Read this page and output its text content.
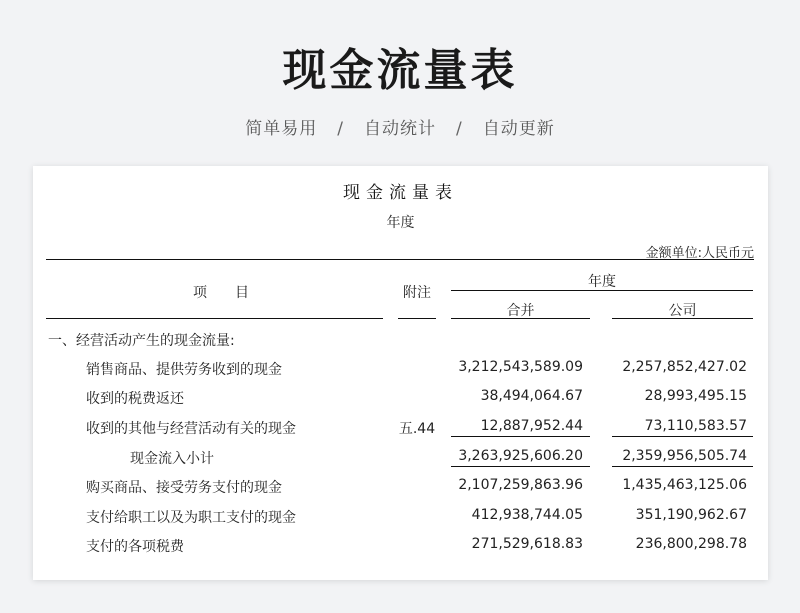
现金流量表
简单易用 / 自动统计 / 自动更新
现金流量表
年度
金额单位:人民币元
项　　目	附注
年度
合并	公司
一、经营活动产生的现金流量:
销售商品、提供劳务收到的现金	3,212,543,589.09	2,257,852,427.02
收到的税费返还	38,494,064.67	28,993,495.15
收到的其他与经营活动有关的现金	五.44	12,887,952.44	73,110,583.57
现金流入小计	3,263,925,606.20	2,359,956,505.74
购买商品、接受劳务支付的现金	2,107,259,863.96	1,435,463,125.06
支付给职工以及为职工支付的现金	412,938,744.05	351,190,962.67
支付的各项税费	271,529,618.83	236,800,298.78
